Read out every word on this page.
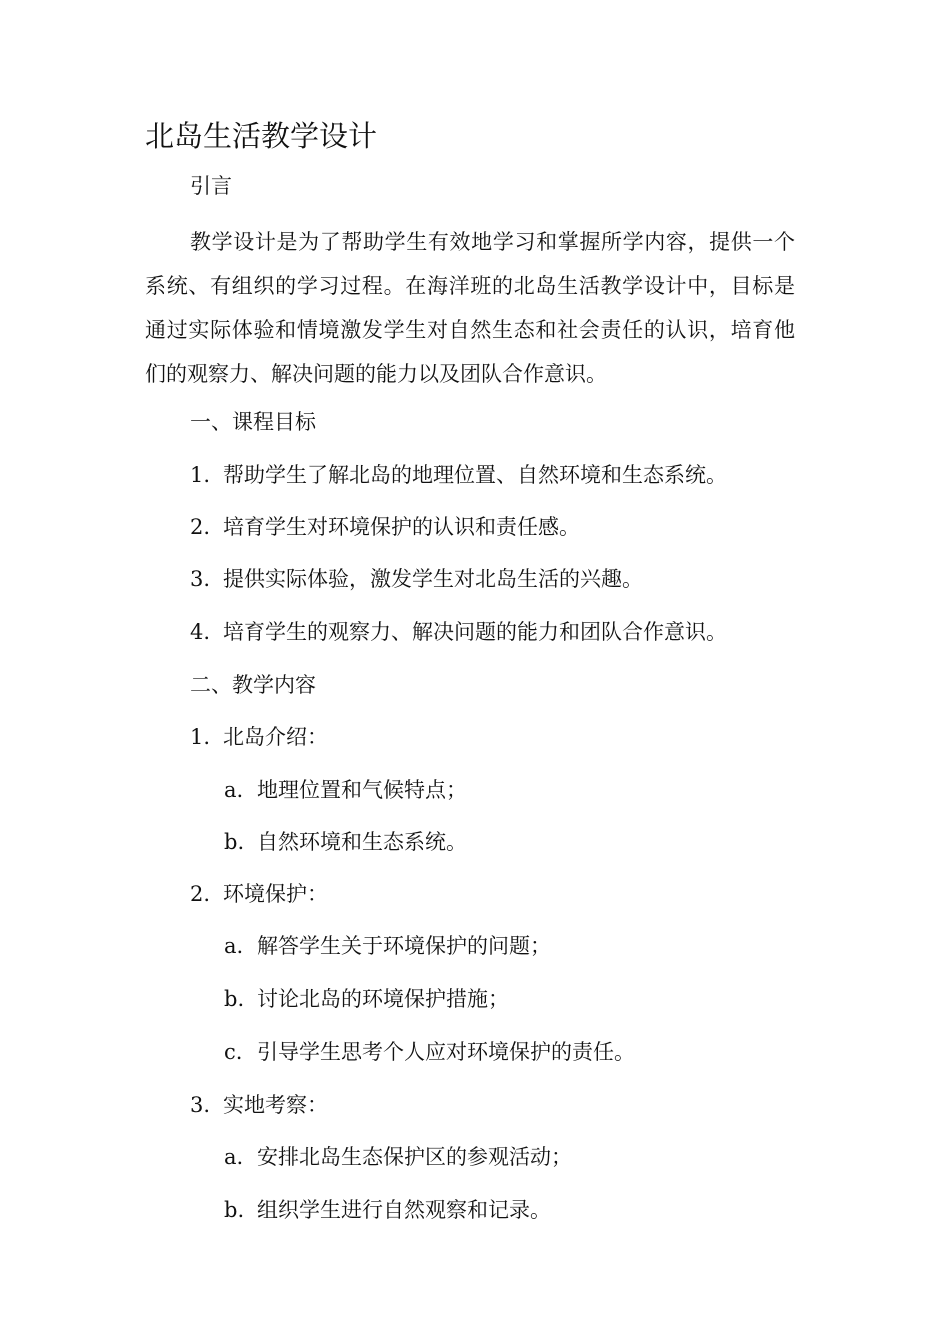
北岛生活教学设计

引言

教学设计是为了帮助学生有效地学习和掌握所学内容，提供一个系统、有组织的学习过程。在海洋班的北岛生活教学设计中，目标是通过实际体验和情境激发学生对自然生态和社会责任的认识，培育他们的观察力、解决问题的能力以及团队合作意识。

一、课程目标

1. 帮助学生了解北岛的地理位置、自然环境和生态系统。
2. 培育学生对环境保护的认识和责任感。
3. 提供实际体验，激发学生对北岛生活的兴趣。
4. 培育学生的观察力、解决问题的能力和团队合作意识。

二、教学内容

1. 北岛介绍：
a. 地理位置和气候特点；
b. 自然环境和生态系统。
2. 环境保护：
a. 解答学生关于环境保护的问题；
b. 讨论北岛的环境保护措施；
c. 引导学生思考个人应对环境保护的责任。
3. 实地考察：
a. 安排北岛生态保护区的参观活动；
b. 组织学生进行自然观察和记录。
